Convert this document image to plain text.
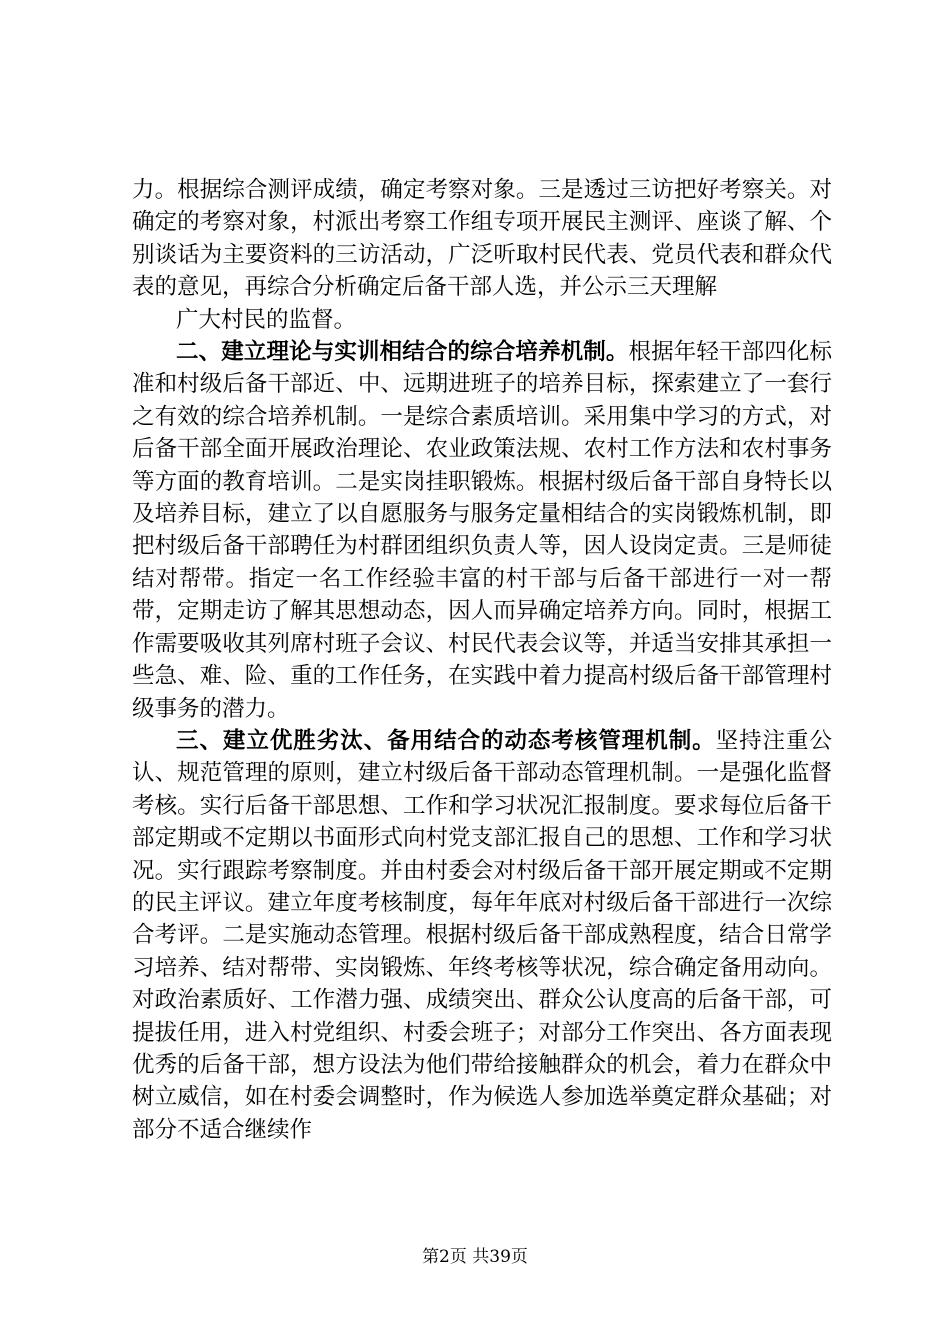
力。根据综合测评成绩，确定考察对象。三是透过三访把好考察关。对确定的考察对象，村派出考察工作组专项开展民主测评、座谈了解、个别谈话为主要资料的三访活动，广泛听取村民代表、党员代表和群众代表的意见，再综合分析确定后备干部人选，并公示三天理解

广大村民的监督。

二、建立理论与实训相结合的综合培养机制。根据年轻干部四化标准和村级后备干部近、中、远期进班子的培养目标，探索建立了一套行之有效的综合培养机制。一是综合素质培训。采用集中学习的方式，对后备干部全面开展政治理论、农业政策法规、农村工作方法和农村事务等方面的教育培训。二是实岗挂职锻炼。根据村级后备干部自身特长以及培养目标，建立了以自愿服务与服务定量相结合的实岗锻炼机制，即把村级后备干部聘任为村群团组织负责人等，因人设岗定责。三是师徒结对帮带。指定一名工作经验丰富的村干部与后备干部进行一对一帮带，定期走访了解其思想动态，因人而异确定培养方向。同时，根据工作需要吸收其列席村班子会议、村民代表会议等，并适当安排其承担一些急、难、险、重的工作任务，在实践中着力提高村级后备干部管理村级事务的潜力。

三、建立优胜劣汰、备用结合的动态考核管理机制。坚持注重公认、规范管理的原则，建立村级后备干部动态管理机制。一是强化监督考核。实行后备干部思想、工作和学习状况汇报制度。要求每位后备干部定期或不定期以书面形式向村党支部汇报自己的思想、工作和学习状况。实行跟踪考察制度。并由村委会对村级后备干部开展定期或不定期的民主评议。建立年度考核制度，每年年底对村级后备干部进行一次综合考评。二是实施动态管理。根据村级后备干部成熟程度，结合日常学习培养、结对帮带、实岗锻炼、年终考核等状况，综合确定备用动向。对政治素质好、工作潜力强、成绩突出、群众公认度高的后备干部，可提拔任用，进入村党组织、村委会班子；对部分工作突出、各方面表现优秀的后备干部，想方设法为他们带给接触群众的机会，着力在群众中树立威信，如在村委会调整时，作为候选人参加选举奠定群众基础；对部分不适合继续作

第2页 共39页
